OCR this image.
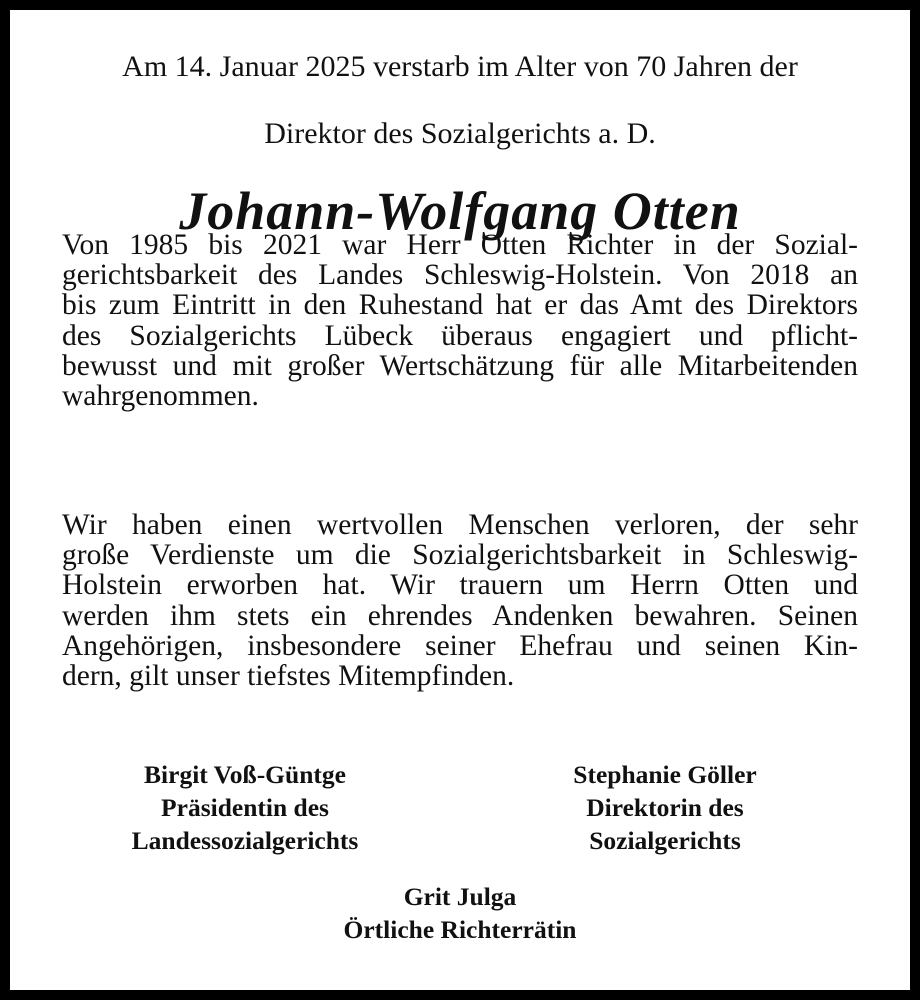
Am 14. Januar 2025 verstarb im Alter von 70 Jahren der
Direktor des Sozialgerichts a. D.
Johann-Wolfgang Otten
Von 1985 bis 2021 war Herr Otten Richter in der Sozial-
gerichtsbarkeit des Landes Schleswig-Holstein. Von 2018 an
bis zum Eintritt in den Ruhestand hat er das Amt des Direktors
des Sozialgerichts Lübeck überaus engagiert und pflicht-
bewusst und mit großer Wertschätzung für alle Mitarbeitenden
wahrgenommen.
Wir haben einen wertvollen Menschen verloren, der sehr
große Verdienste um die Sozialgerichtsbarkeit in Schleswig-
Holstein erworben hat. Wir trauern um Herrn Otten und
werden ihm stets ein ehrendes Andenken bewahren. Seinen
Angehörigen, insbesondere seiner Ehefrau und seinen Kin-
dern, gilt unser tiefstes Mitempfinden.
Birgit Voß-Güntge
Präsidentin des
Landessozialgerichts
Stephanie Göller
Direktorin des
Sozialgerichts
Grit Julga
Örtliche Richterrätin
